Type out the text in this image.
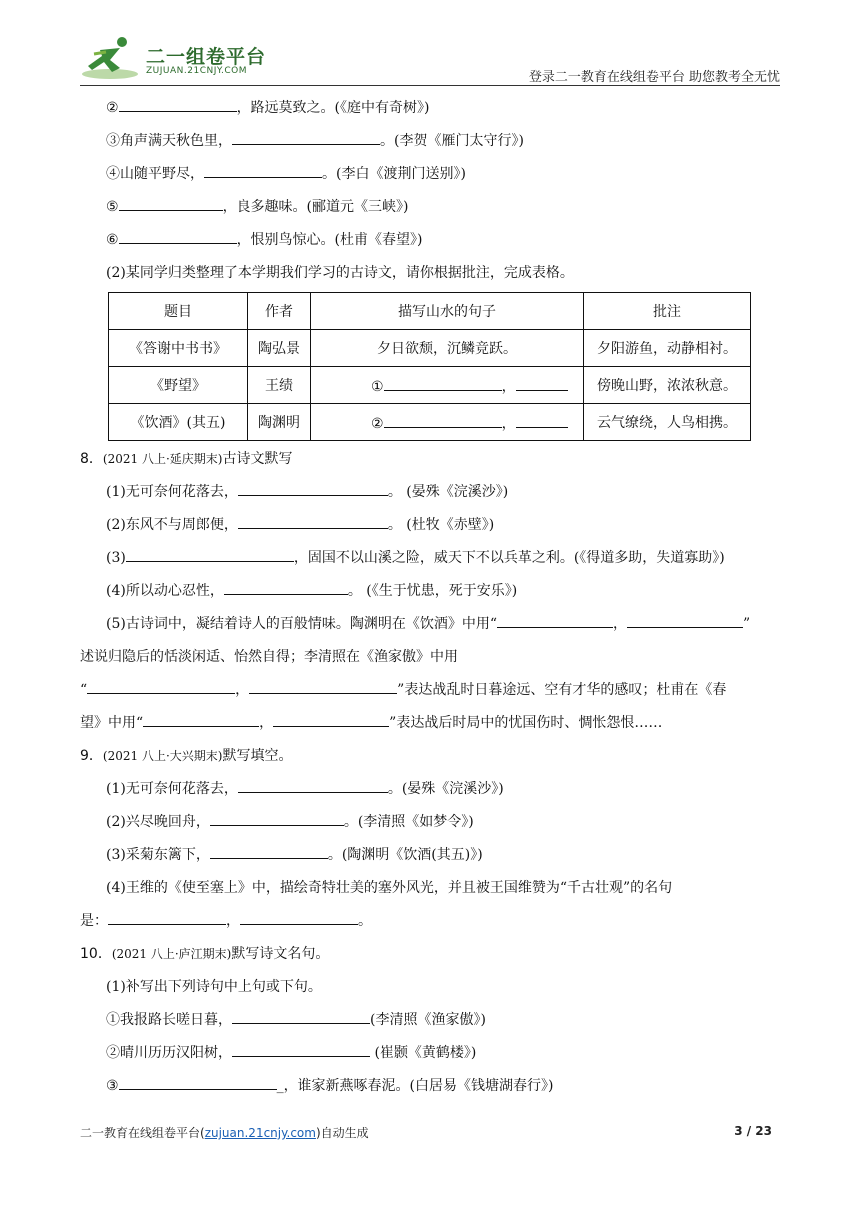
二一组卷平台
ZUJUAN.21CNJY.COM	登录二一教育在线组卷平台 助您教考全无忧
②	，路远莫致之。(《庭中有奇树》)
③角声满天秋色里，	。(李贺《雁门太守行》)
④山随平野尽，	。(李白《渡荆门送别》)
⑤	，良多趣味。(郦道元《三峡》)
⑥	，恨别鸟惊心。(杜甫《春望》)
(2)某同学归类整理了本学期我们学习的古诗文，请你根据批注，完成表格。
题目	作者	描写山水的句子	批注
《答谢中书书》	陶弘景	夕日欲颓，沉鳞竞跃。	夕阳游鱼，动静相衬。
《野望》	王绩	① ，	傍晚山野，浓浓秋意。
《饮酒》(其五)	陶渊明	② ，	云气缭绕，人鸟相携。
8．(2021 八上·延庆期末)古诗文默写
(1)无可奈何花落去，	。 (晏殊《浣溪沙》)
(2)东风不与周郎便，	。 (杜牧《赤壁》)
(3)	，固国不以山溪之险，威天下不以兵革之利。(《得道多助，失道寡助》)
(4)所以动心忍性，	。 (《生于忧患，死于安乐》)
(5)古诗词中，凝结着诗人的百般情味。陶渊明在《饮酒》中用“	，	”
述说归隐后的恬淡闲适、怡然自得；李清照在《渔家傲》中用
“	，	”表达战乱时日暮途远、空有才华的感叹；杜甫在《春
望》中用“	，	”表达战后时局中的忧国伤时、惆怅怨恨……
9．(2021 八上·大兴期末)默写填空。
(1)无可奈何花落去，	。(晏殊《浣溪沙》)
(2)兴尽晚回舟，	。(李清照《如梦令》)
(3)采菊东篱下，	。(陶渊明《饮酒(其五)》)
(4)王维的《使至塞上》中，描绘奇特壮美的塞外风光，并且被王国维赞为“千古壮观”的名句
是：	，	。
10．(2021 八上·庐江期末)默写诗文名句。
(1)补写出下列诗句中上句或下句。
①我报路长嗟日暮，	(李清照《渔家傲》)
②晴川历历汉阳树，	(崔颢《黄鹤楼》)
③	_，谁家新燕啄春泥。(白居易《钱塘湖春行》)
二一教育在线组卷平台(zujuan.21cnjy.com)自动生成	3 / 23
